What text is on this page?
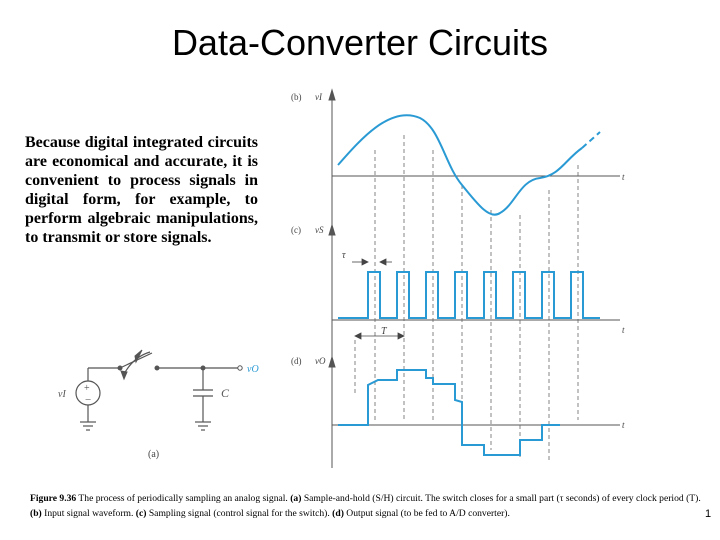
Data-Converter Circuits
Because digital integrated circuits are economical and accurate, it is convenient to process signals in digital form, for example, to perform algebraic manipulations, to transmit or store signals.
(b)
(c)
(d)
(a)
vI
vS
vO
t
t
t
τ
T
+
−
vI
vO
C
Figure 9.36 The process of periodically sampling an analog signal. (a) Sample-and-hold (S/H) circuit. The switch closes for a small part (τ seconds) of every clock period (T). (b) Input signal waveform. (c) Sampling signal (control signal for the switch). (d) Output signal (to be fed to A/D converter).	1
